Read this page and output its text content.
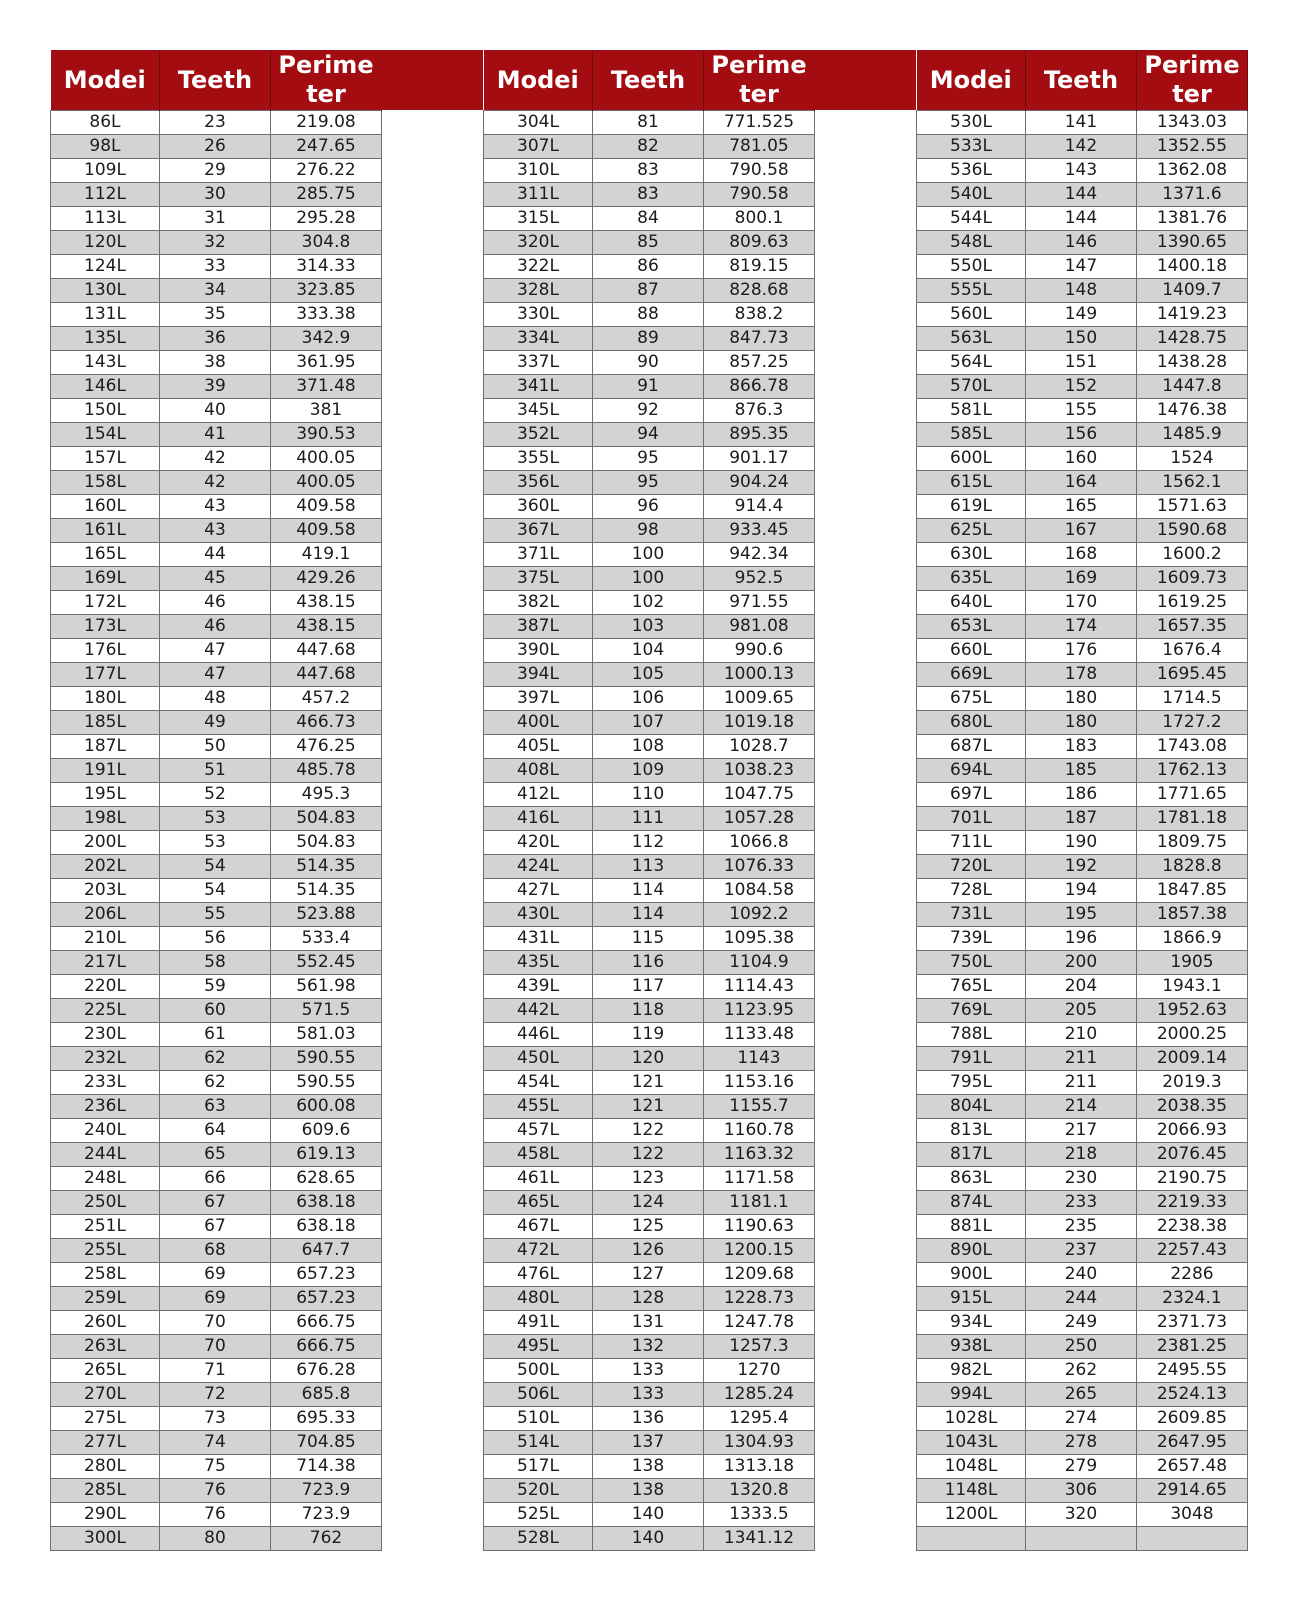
Modei	Teeth	Perimeter
86L	23	219.08
98L	26	247.65
109L	29	276.22
112L	30	285.75
113L	31	295.28
120L	32	304.8
124L	33	314.33
130L	34	323.85
131L	35	333.38
135L	36	342.9
143L	38	361.95
146L	39	371.48
150L	40	381
154L	41	390.53
157L	42	400.05
158L	42	400.05
160L	43	409.58
161L	43	409.58
165L	44	419.1
169L	45	429.26
172L	46	438.15
173L	46	438.15
176L	47	447.68
177L	47	447.68
180L	48	457.2
185L	49	466.73
187L	50	476.25
191L	51	485.78
195L	52	495.3
198L	53	504.83
200L	53	504.83
202L	54	514.35
203L	54	514.35
206L	55	523.88
210L	56	533.4
217L	58	552.45
220L	59	561.98
225L	60	571.5
230L	61	581.03
232L	62	590.55
233L	62	590.55
236L	63	600.08
240L	64	609.6
244L	65	619.13
248L	66	628.65
250L	67	638.18
251L	67	638.18
255L	68	647.7
258L	69	657.23
259L	69	657.23
260L	70	666.75
263L	70	666.75
265L	71	676.28
270L	72	685.8
275L	73	695.33
277L	74	704.85
280L	75	714.38
285L	76	723.9
290L	76	723.9
300L	80	762
Modei	Teeth	Perimeter
304L	81	771.525
307L	82	781.05
310L	83	790.58
311L	83	790.58
315L	84	800.1
320L	85	809.63
322L	86	819.15
328L	87	828.68
330L	88	838.2
334L	89	847.73
337L	90	857.25
341L	91	866.78
345L	92	876.3
352L	94	895.35
355L	95	901.17
356L	95	904.24
360L	96	914.4
367L	98	933.45
371L	100	942.34
375L	100	952.5
382L	102	971.55
387L	103	981.08
390L	104	990.6
394L	105	1000.13
397L	106	1009.65
400L	107	1019.18
405L	108	1028.7
408L	109	1038.23
412L	110	1047.75
416L	111	1057.28
420L	112	1066.8
424L	113	1076.33
427L	114	1084.58
430L	114	1092.2
431L	115	1095.38
435L	116	1104.9
439L	117	1114.43
442L	118	1123.95
446L	119	1133.48
450L	120	1143
454L	121	1153.16
455L	121	1155.7
457L	122	1160.78
458L	122	1163.32
461L	123	1171.58
465L	124	1181.1
467L	125	1190.63
472L	126	1200.15
476L	127	1209.68
480L	128	1228.73
491L	131	1247.78
495L	132	1257.3
500L	133	1270
506L	133	1285.24
510L	136	1295.4
514L	137	1304.93
517L	138	1313.18
520L	138	1320.8
525L	140	1333.5
528L	140	1341.12
Modei	Teeth	Perimeter
530L	141	1343.03
533L	142	1352.55
536L	143	1362.08
540L	144	1371.6
544L	144	1381.76
548L	146	1390.65
550L	147	1400.18
555L	148	1409.7
560L	149	1419.23
563L	150	1428.75
564L	151	1438.28
570L	152	1447.8
581L	155	1476.38
585L	156	1485.9
600L	160	1524
615L	164	1562.1
619L	165	1571.63
625L	167	1590.68
630L	168	1600.2
635L	169	1609.73
640L	170	1619.25
653L	174	1657.35
660L	176	1676.4
669L	178	1695.45
675L	180	1714.5
680L	180	1727.2
687L	183	1743.08
694L	185	1762.13
697L	186	1771.65
701L	187	1781.18
711L	190	1809.75
720L	192	1828.8
728L	194	1847.85
731L	195	1857.38
739L	196	1866.9
750L	200	1905
765L	204	1943.1
769L	205	1952.63
788L	210	2000.25
791L	211	2009.14
795L	211	2019.3
804L	214	2038.35
813L	217	2066.93
817L	218	2076.45
863L	230	2190.75
874L	233	2219.33
881L	235	2238.38
890L	237	2257.43
900L	240	2286
915L	244	2324.1
934L	249	2371.73
938L	250	2381.25
982L	262	2495.55
994L	265	2524.13
1028L	274	2609.85
1043L	278	2647.95
1048L	279	2657.48
1148L	306	2914.65
1200L	320	3048
